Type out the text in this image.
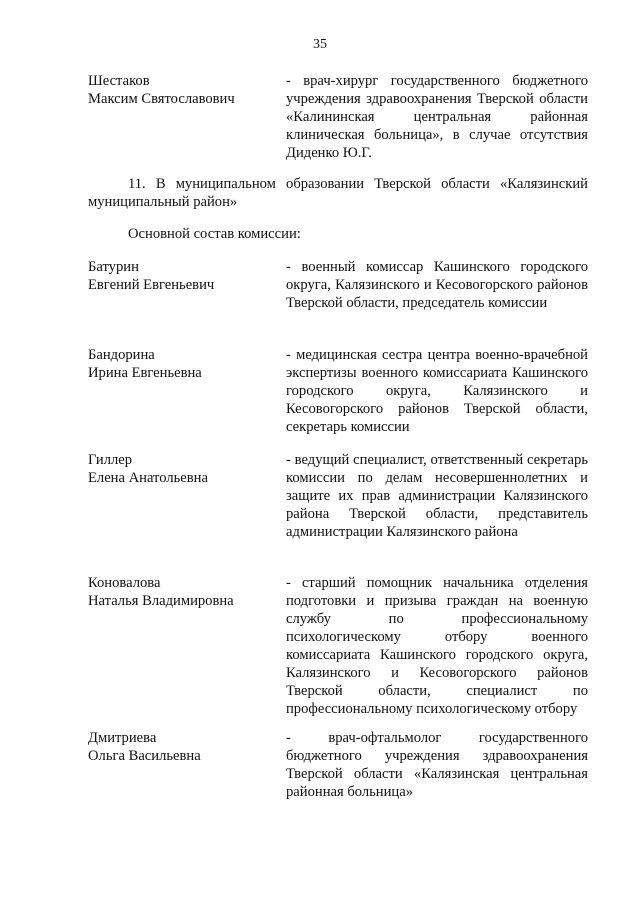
35
Шестаков
Максим Святославович
- врач-хирург государственного бюджетного учреждения здравоохранения Тверской области «Калининская центральная районная клиническая больница», в случае отсутствия Диденко Ю.Г.
11. В муниципальном образовании Тверской области «Калязинский муниципальный район»
Основной состав комиссии:
Батурин
Евгений Евгеньевич
- военный комиссар Кашинского городского округа, Калязинского и Кесовогорского районов Тверской области, председатель комиссии
Бандорина
Ирина Евгеньевна
- медицинская сестра центра военно-врачебной экспертизы военного комиссариата Кашинского городского округа, Калязинского и Кесовогорского районов Тверской области, секретарь комиссии
Гиллер
Елена Анатольевна
- ведущий специалист, ответственный секретарь комиссии по делам несовершеннолетних и защите их прав администрации Калязинского района Тверской области, представитель администрации Калязинского района
Коновалова
Наталья Владимировна
- старший помощник начальника отделения подготовки и призыва граждан на военную службу по профессиональному психологическому отбору военного комиссариата Кашинского городского округа, Калязинского и Кесовогорского районов Тверской области, специалист по профессиональному психологическому отбору
Дмитриева
Ольга Васильевна
- врач-офтальмолог государственного бюджетного учреждения здравоохранения Тверской области «Калязинская центральная районная больница»
